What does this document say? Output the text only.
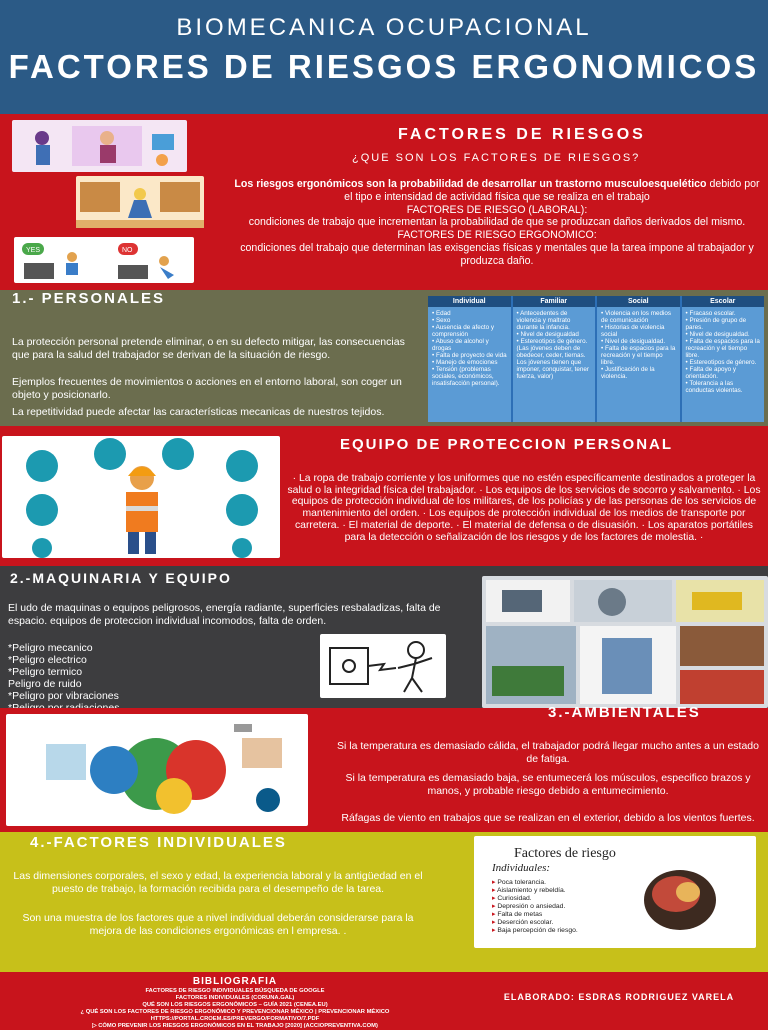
BIOMECANICA OCUPACIONAL
FACTORES DE RIESGOS ERGONOMICOS
YES	NO
FACTORES DE RIESGOS
¿QUE SON LOS FACTORES DE RIESGOS?
Los riesgos ergonómicos son la probabilidad de desarrollar un trastorno musculoesquelético debido por el tipo e intensidad de actividad física que se realiza en el trabajo
FACTORES DE RIESGO (LABORAL):
condiciones de trabajo que incrementan la probabilidad de que se produzcan daños derivados del mismo.
FACTORES DE RIESGO ERGONOMICO:
condiciones del trabajo que determinan las exisgencias físicas y mentales que la tarea impone al trabajador y produzca daño.
1.- PERSONALES
La protección personal pretende eliminar, o en su defecto mitigar, las consecuencias que para la salud del trabajador se derivan de la situación de riesgo.
Ejemplos frecuentes de movimientos o acciones en el entorno laboral, son coger un objeto y posicionarlo.
La repetitividad puede afectar las características mecanicas de nuestros tejidos.
Individual
• Edad
• Sexo
• Ausencia de afecto y comprensión
• Abuso de alcohol y drogas
• Falta de proyecto de vida
• Manejo de emociones
• Tensión (problemas sociales, económicos, insatisfacción personal).
Familiar
• Antecedentes de violencia y maltrato durante la infancia.
• Nivel de desigualdad
• Estereotipos de género. (Las jóvenes deben de obedecer, ceder, tiernas. Los jóvenes tienen que imponer, conquistar, tener fuerza, valor)
Social
• Violencia en los medios de comunicación
• Historias de violencia social
• Nivel de desigualdad.
• Falta de espacios para la recreación y el tiempo libre.
• Justificación de la violencia.
Escolar
• Fracaso escolar.
• Presión de grupo de pares.
• Nivel de desigualdad.
• Falta de espacios para la recreación y el tiempo libre.
• Estereotipos de género.
• Falta de apoyo y orientación.
• Tolerancia a las conductas violentas.
EQUIPO DE PROTECCION PERSONAL
· La ropa de trabajo corriente y los uniformes que no estén específicamente destinados a proteger la salud o la integridad física del trabajador. · Los equipos de los servicios de socorro y salvamento. · Los equipos de protección individual de los militares, de los policías y de las personas de los servicios de mantenimiento del orden. · Los equipos de protección individual de los medios de transporte por carretera. · El material de deporte. · El material de defensa o de disuasión. · Los aparatos portátiles para la detección o señalización de los riesgos y de los factores de molestia. ·
2.-MAQUINARIA Y EQUIPO
El udo de maquinas o equipos peligrosos, energía radiante, superficies resbaladizas, falta de espacio. equipos de proteccion individual incomodos, falta de orden.
*Peligro mecanico
*Peligro electrico
*Peligro termico
Peligro de ruido
*Peligro por vibraciones
3.-AMBIENTALES
Si la temperatura es demasiado cálida, el trabajador podrá llegar mucho antes a un estado de fatiga.
Si la temperatura es demasiado baja, se entumecerá los músculos, especifico brazos y manos, y probable riesgo debido a entumecimiento.
Ráfagas de viento en trabajos que se realizan en el exterior, debido a los vientos fuertes.
4.-FACTORES INDIVIDUALES
Las dimensiones corporales, el sexo y edad, la experiencia laboral y la antigüedad en el puesto de trabajo, la formación recibida para el desempeño de la tarea.
Son una muestra de los factores que a nivel individual deberán considerarse para la mejora de las condiciones ergonómicas en l empresa. .
Factores de riesgo
Individuales:
▸ Poca tolerancia.
▸ Aislamiento y rebeldía.
▸ Curiosidad.
▸ Depresión o ansiedad.
▸ Falta de metas
▸ Deserción escolar.
▸ Baja percepción de riesgo.
BIBLIOGRAFIA
FACTORES DE RIESGO INDIVIDUALES BÚSQUEDA DE GOOGLE
FACTORES INDIVIDUALES (CORUNA.GAL)
QUÉ SON LOS RIESGOS ERGONÓMICOS – GUÍA 2021 (CENEA.EU)
¿ QUÉ SON LOS FACTORES DE RIESGO ERGONÓMICO Y PREVENCIONAR MÉXICO | PREVENCIONAR MÉXICO
HTTPS://PORTAL.CROEM.ES/PREVERGO/FORMATIVO/7.PDF
▷ CÓMO PREVENIR LOS RIESGOS ERGONÓMICOS EN EL TRABAJO [2020] (ACCIOPREVENTIVA.COM)
ELABORADO: ESDRAS RODRIGUEZ VARELA
